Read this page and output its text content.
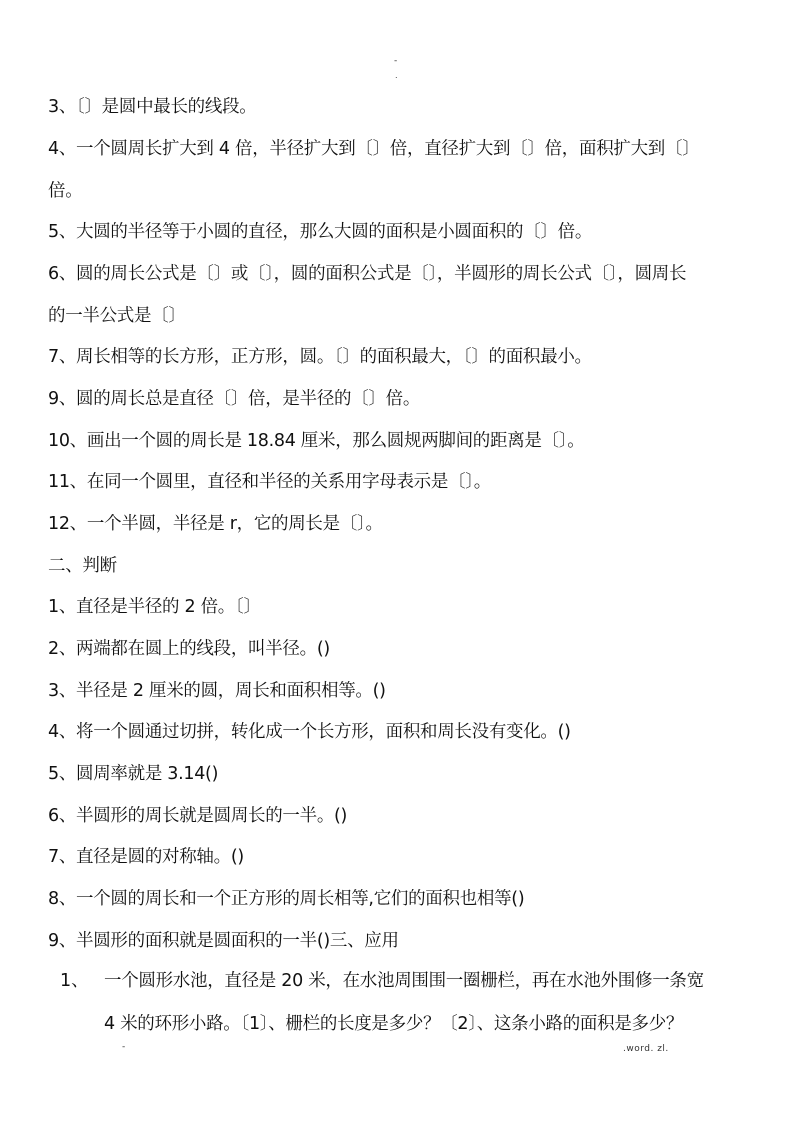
-
.
3、〔〕是圆中最长的线段。
4、一个圆周长扩大到 4 倍，半径扩大到〔〕倍，直径扩大到〔〕倍，面积扩大到〔〕
倍。
5、大圆的半径等于小圆的直径，那么大圆的面积是小圆面积的〔〕倍。
6、圆的周长公式是〔〕或〔〕，圆的面积公式是〔〕，半圆形的周长公式〔〕，圆周长
的一半公式是〔〕
7、周长相等的长方形，正方形，圆。〔〕的面积最大，〔〕的面积最小。
9、圆的周长总是直径〔〕倍，是半径的〔〕倍。
10、画出一个圆的周长是 18.84 厘米，那么圆规两脚间的距离是〔〕。
11、在同一个圆里，直径和半径的关系用字母表示是〔〕。
12、一个半圆，半径是 r，它的周长是〔〕。
二、判断
1、直径是半径的 2 倍。〔〕
2、两端都在圆上的线段，叫半径。()
3、半径是 2 厘米的圆，周长和面积相等。()
4、将一个圆通过切拼，转化成一个长方形，面积和周长没有变化。()
5、圆周率就是 3.14()
6、半圆形的周长就是圆周长的一半。()
7、直径是圆的对称轴。()
8、一个圆的周长和一个正方形的周长相等,它们的面积也相等()
9、半圆形的面积就是圆面积的一半()三、应用
1、 一个圆形水池，直径是 20 米，在水池周围围一圈栅栏，再在水池外围修一条宽
4 米的环形小路。〔1〕、栅栏的长度是多少？〔2〕、这条小路的面积是多少？
-	.word. zl.
